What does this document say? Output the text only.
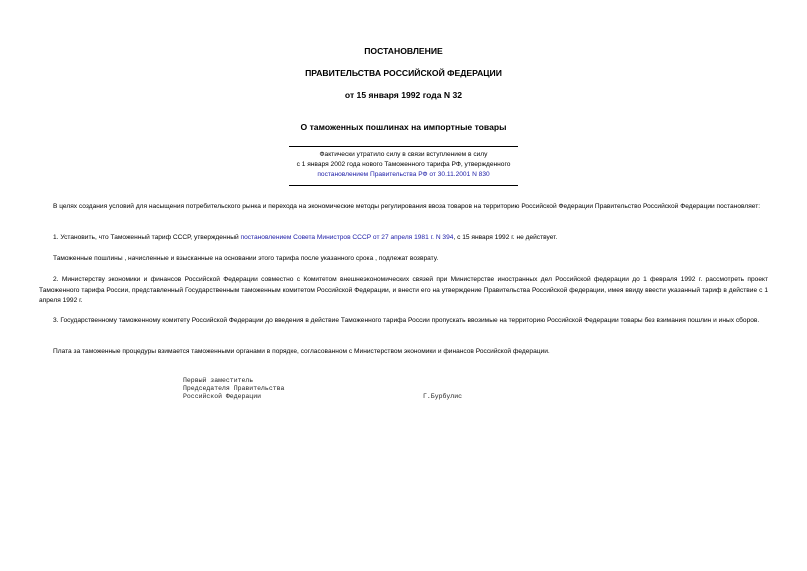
ПОСТАНОВЛЕНИЕ
ПРАВИТЕЛЬСТВА РОССИЙСКОЙ ФЕДЕРАЦИИ
от 15 января 1992 года N 32
О таможенных пошлинах на импортные товары
Фактически утратило силу в связи вступлением в силу
с 1 января 2002 года нового Таможенного тарифа РФ, утвержденного
постановлением Правительства РФ от 30.11.2001 N 830
В целях создания условий для насыщения потребительского рынка и перехода на экономические методы регулирования ввоза товаров на территорию Российской Федерации Правительство Российской Федерации постановляет:
1. Установить, что Таможенный тариф СССР, утвержденный постановлением Совета Министров СССР от 27 апреля 1981 г. N 394, с 15 января 1992 г. не действует.
Таможенные пошлины , начисленные и взысканные на основании этого тарифа после указанного срока , подлежат возврату.
2. Министерству экономики и финансов Российской Федерации совместно с Комитетом внешнеэкономических связей при Министерстве иностранных дел Российской федерации до 1 февраля 1992 г. рассмотреть проект Таможенного тарифа России, представленный Государственным таможенным комитетом Российской Федерации, и внести его на утверждение Правительства Российской федерации, имея ввиду ввести указанный тариф в действие с 1 апреля 1992 г.
3. Государственному таможенному комитету Российской Федерации до введения в действие Таможенного тарифа России пропускать ввозимые на территорию Российской Федерации товары без взимания пошлин и иных сборов.
Плата за таможенные процедуры взимается таможенными органами в порядке, согласованном с Министерством экономики и финансов Российской федерации.
Первый заместитель
Председателя Правительства
Российской Федерации	Г.Бурбулис
